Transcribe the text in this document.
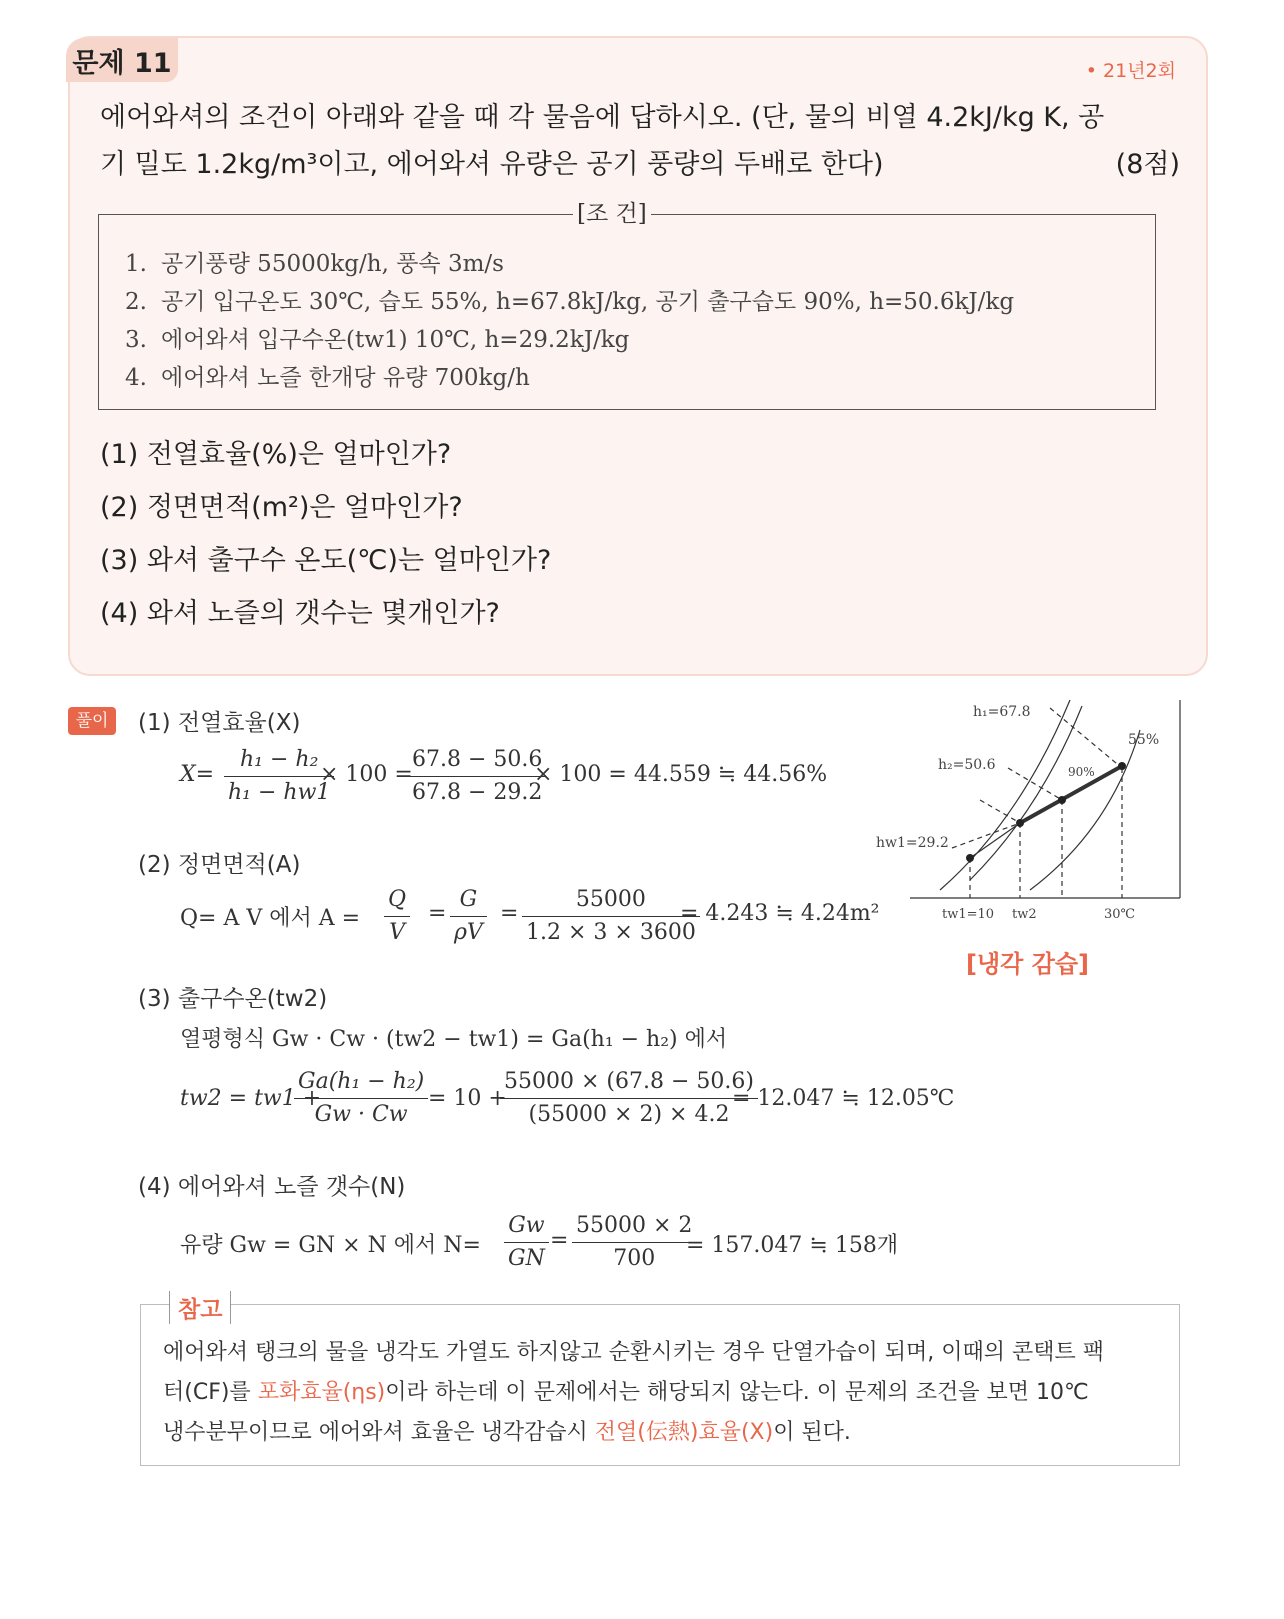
문제 11	• 21년2회
에어와셔의 조건이 아래와 같을 때 각 물음에 답하시오. (단, 물의 비열 4.2kJ/kg K, 공
기 밀도 1.2kg/m³이고, 에어와셔 유량은 공기 풍량의 두배로 한다)	(8점)
[조 건]
1. 공기풍량 55000kg/h, 풍속 3m/s
2. 공기 입구온도 30℃, 습도 55%, h=67.8kJ/kg, 공기 출구습도 90%, h=50.6kJ/kg
3. 에어와셔 입구수온(tw1) 10℃, h=29.2kJ/kg
4. 에어와셔 노즐 한개당 유량 700kg/h
(1) 전열효율(%)은 얼마인가?
(2) 정면면적(m²)은 얼마인가?
(3) 와셔 출구수 온도(℃)는 얼마인가?
(4) 와셔 노즐의 갯수는 몇개인가?
풀이	(1) 전열효율(X)
$X= \frac{\text{h₁ − h₂}}{\text{h₁ − hw1}}$
× 100 =
$\frac{67.8 - 50.6}{67.8 - 29.2}$
× 100 = 44.559 ≒ 44.56%
(2) 정면면적(A)
Q= A V 에서 $A = \frac{Q}{V} = \frac{G}{\rho V} = \frac{55000}{1.2 \times 3 \times 3600}$
= 4.243 ≒ 4.24m²
(3) 출구수온(tw2)
열평형식 Gw · Cw · (tw2 − tw1) = Ga(h₁ − h₂) 에서
tw2 = tw1 +
$\frac{\text{Ga(h₁ − h₂)}}{Gw \cdot Cw} = 10$ +
$\frac{55000 \times (67.8 - 50.6)}{(55000 \times 2) \times 4.2}$
= 12.047 ≒ 12.05℃
(4) 에어와셔 노즐 갯수(N)
유량 Gw = GN × N 에서 $N= \frac{Gw}{GN} = \frac{55000 \times 2}{700}$
= 157.047 ≒ 158개
h₁=67.8
h₂=50.6
hw1=29.2
55%
90%
tw1=10 tw2	30℃
[냉각 감습]
참고
에어와셔 탱크의 물을 냉각도 가열도 하지않고 순환시키는 경우 단열가습이 되며, 이때의 콘택트 팩
터(CF)를 포화효율(ηs)이라 하는데 이 문제에서는 해당되지 않는다. 이 문제의 조건을 보면 10℃
냉수분무이므로 에어와셔 효율은 냉각감습시 전열(伝熱)효율(X)이 된다.
